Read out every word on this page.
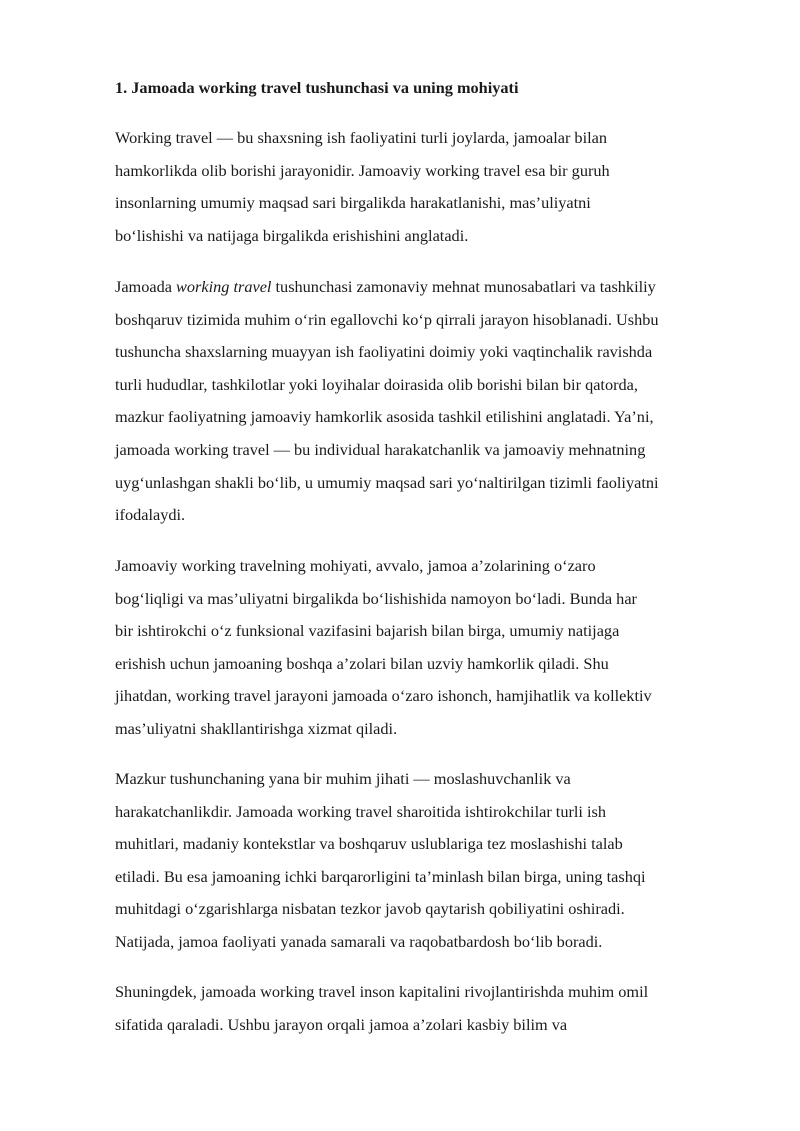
1. Jamoada working travel tushunchasi va uning mohiyati
Working travel — bu shaxsning ish faoliyatini turli joylarda, jamoalar bilan
hamkorlikda olib borishi jarayonidir. Jamoaviy working travel esa bir guruh
insonlarning umumiy maqsad sari birgalikda harakatlanishi, mas’uliyatni
bo‘lishishi va natijaga birgalikda erishishini anglatadi.
Jamoada working travel tushunchasi zamonaviy mehnat munosabatlari va tashkiliy
boshqaruv tizimida muhim o‘rin egallovchi ko‘p qirrali jarayon hisoblanadi. Ushbu
tushuncha shaxslarning muayyan ish faoliyatini doimiy yoki vaqtinchalik ravishda
turli hududlar, tashkilotlar yoki loyihalar doirasida olib borishi bilan bir qatorda,
mazkur faoliyatning jamoaviy hamkorlik asosida tashkil etilishini anglatadi. Ya’ni,
jamoada working travel — bu individual harakatchanlik va jamoaviy mehnatning
uyg‘unlashgan shakli bo‘lib, u umumiy maqsad sari yo‘naltirilgan tizimli faoliyatni
ifodalaydi.
Jamoaviy working travelning mohiyati, avvalo, jamoa a’zolarining o‘zaro
bog‘liqligi va mas’uliyatni birgalikda bo‘lishishida namoyon bo‘ladi. Bunda har
bir ishtirokchi o‘z funksional vazifasini bajarish bilan birga, umumiy natijaga
erishish uchun jamoaning boshqa a’zolari bilan uzviy hamkorlik qiladi. Shu
jihatdan, working travel jarayoni jamoada o‘zaro ishonch, hamjihatlik va kollektiv
mas’uliyatni shakllantirishga xizmat qiladi.
Mazkur tushunchaning yana bir muhim jihati — moslashuvchanlik va
harakatchanlikdir. Jamoada working travel sharoitida ishtirokchilar turli ish
muhitlari, madaniy kontekstlar va boshqaruv uslublariga tez moslashishi talab
etiladi. Bu esa jamoaning ichki barqarorligini ta’minlash bilan birga, uning tashqi
muhitdagi o‘zgarishlarga nisbatan tezkor javob qaytarish qobiliyatini oshiradi.
Natijada, jamoa faoliyati yanada samarali va raqobatbardosh bo‘lib boradi.
Shuningdek, jamoada working travel inson kapitalini rivojlantirishda muhim omil
sifatida qaraladi. Ushbu jarayon orqali jamoa a’zolari kasbiy bilim va
